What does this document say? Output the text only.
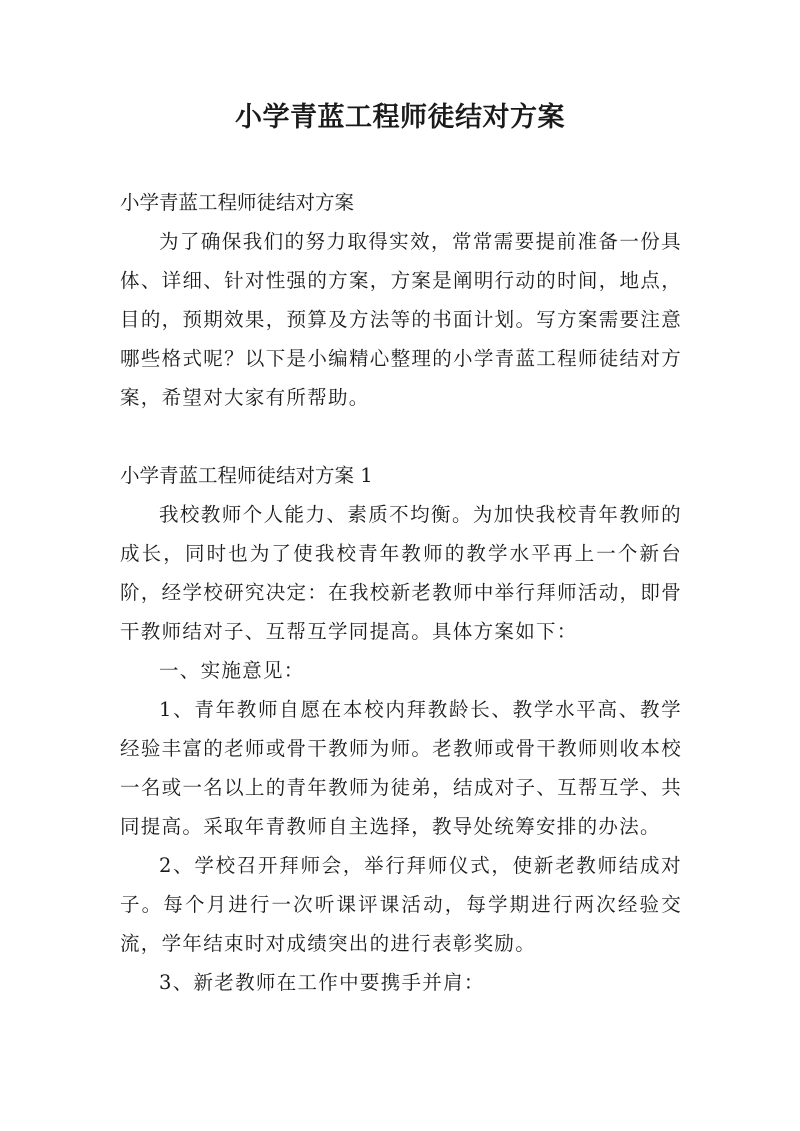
小学青蓝工程师徒结对方案

小学青蓝工程师徒结对方案

为了确保我们的努力取得实效，常常需要提前准备一份具体、详细、针对性强的方案，方案是阐明行动的时间，地点，目的，预期效果，预算及方法等的书面计划。写方案需要注意哪些格式呢？以下是小编精心整理的小学青蓝工程师徒结对方案，希望对大家有所帮助。

小学青蓝工程师徒结对方案 1

我校教师个人能力、素质不均衡。为加快我校青年教师的成长，同时也为了使我校青年教师的教学水平再上一个新台阶，经学校研究决定：在我校新老教师中举行拜师活动，即骨干教师结对子、互帮互学同提高。具体方案如下：

一、实施意见：

1、青年教师自愿在本校内拜教龄长、教学水平高、教学经验丰富的老师或骨干教师为师。老教师或骨干教师则收本校一名或一名以上的青年教师为徒弟，结成对子、互帮互学、共同提高。采取年青教师自主选择，教导处统筹安排的办法。

2、学校召开拜师会，举行拜师仪式，使新老教师结成对子。每个月进行一次听课评课活动，每学期进行两次经验交流，学年结束时对成绩突出的进行表彰奖励。

3、新老教师在工作中要携手并肩：
